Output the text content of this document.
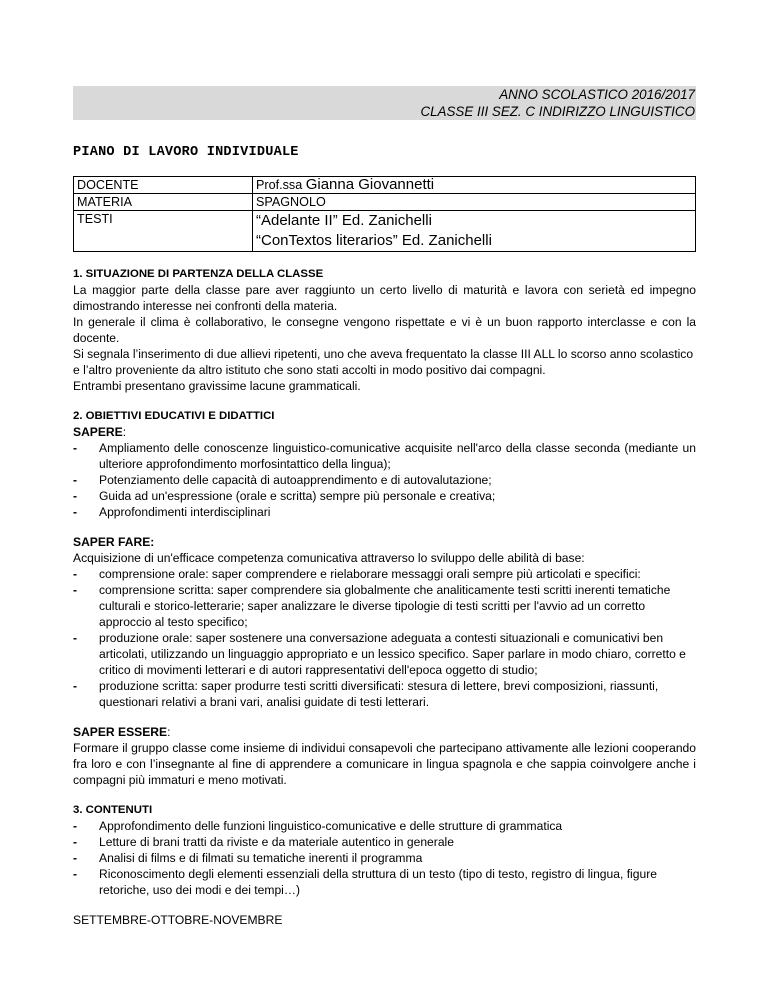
ANNO SCOLASTICO 2016/2017
CLASSE III SEZ. C INDIRIZZO LINGUISTICO
PIANO DI LAVORO INDIVIDUALE
DOCENTE	Prof.ssa Gianna Giovannetti
MATERIA	SPAGNOLO
TESTI	“Adelante II” Ed. Zanichelli
“ConTextos literarios” Ed. Zanichelli
1. SITUAZIONE DI PARTENZA DELLA CLASSE
La maggior parte della classe pare aver raggiunto un certo livello di maturità e lavora con serietà ed impegno dimostrando interesse nei confronti della materia.
In generale il clima è collaborativo, le consegne vengono rispettate e vi è un buon rapporto interclasse e con la docente.
Si segnala l’inserimento di due allievi ripetenti, uno che aveva frequentato la classe III ALL lo scorso anno scolastico e l’altro proveniente da altro istituto che sono stati accolti in modo positivo dai compagni.
Entrambi presentano gravissime lacune grammaticali.
2. OBIETTIVI EDUCATIVI E DIDATTICI
SAPERE:
- Ampliamento delle conoscenze linguistico-comunicative acquisite nell'arco della classe seconda (mediante un ulteriore approfondimento morfosintattico della lingua);
- Potenziamento delle capacità di autoapprendimento e di autovalutazione;
- Guida ad un'espressione (orale e scritta) sempre più personale e creativa;
- Approfondimenti interdisciplinari
SAPER FARE:
Acquisizione di un'efficace competenza comunicativa attraverso lo sviluppo delle abilità di base:
- comprensione orale: saper comprendere e rielaborare messaggi orali sempre più articolati e specifici:
- comprensione scritta: saper comprendere sia globalmente che analiticamente testi scritti inerenti tematiche culturali e storico-letterarie; saper analizzare le diverse tipologie di testi scritti per l'avvio ad un corretto approccio al testo specifico;
- produzione orale: saper sostenere una conversazione adeguata a contesti situazionali e comunicativi ben articolati, utilizzando un linguaggio appropriato e un lessico specifico. Saper parlare in modo chiaro, corretto e critico di movimenti letterari e di autori rappresentativi dell'epoca oggetto di studio;
- produzione scritta: saper produrre testi scritti diversificati: stesura di lettere, brevi composizioni, riassunti, questionari relativi a brani vari, analisi guidate di testi letterari.
SAPER ESSERE:
Formare il gruppo classe come insieme di individui consapevoli che partecipano attivamente alle lezioni cooperando fra loro e con l’insegnante al fine di apprendere a comunicare in lingua spagnola e che sappia coinvolgere anche i compagni più immaturi e meno motivati.
3. CONTENUTI
- Approfondimento delle funzioni linguistico-comunicative e delle strutture di grammatica
- Letture di brani tratti da riviste e da materiale autentico in generale
- Analisi di films e di filmati su tematiche inerenti il programma
- Riconoscimento degli elementi essenziali della struttura di un testo (tipo di testo, registro di lingua, figure retoriche, uso dei modi e dei tempi…)
SETTEMBRE-OTTOBRE-NOVEMBRE
